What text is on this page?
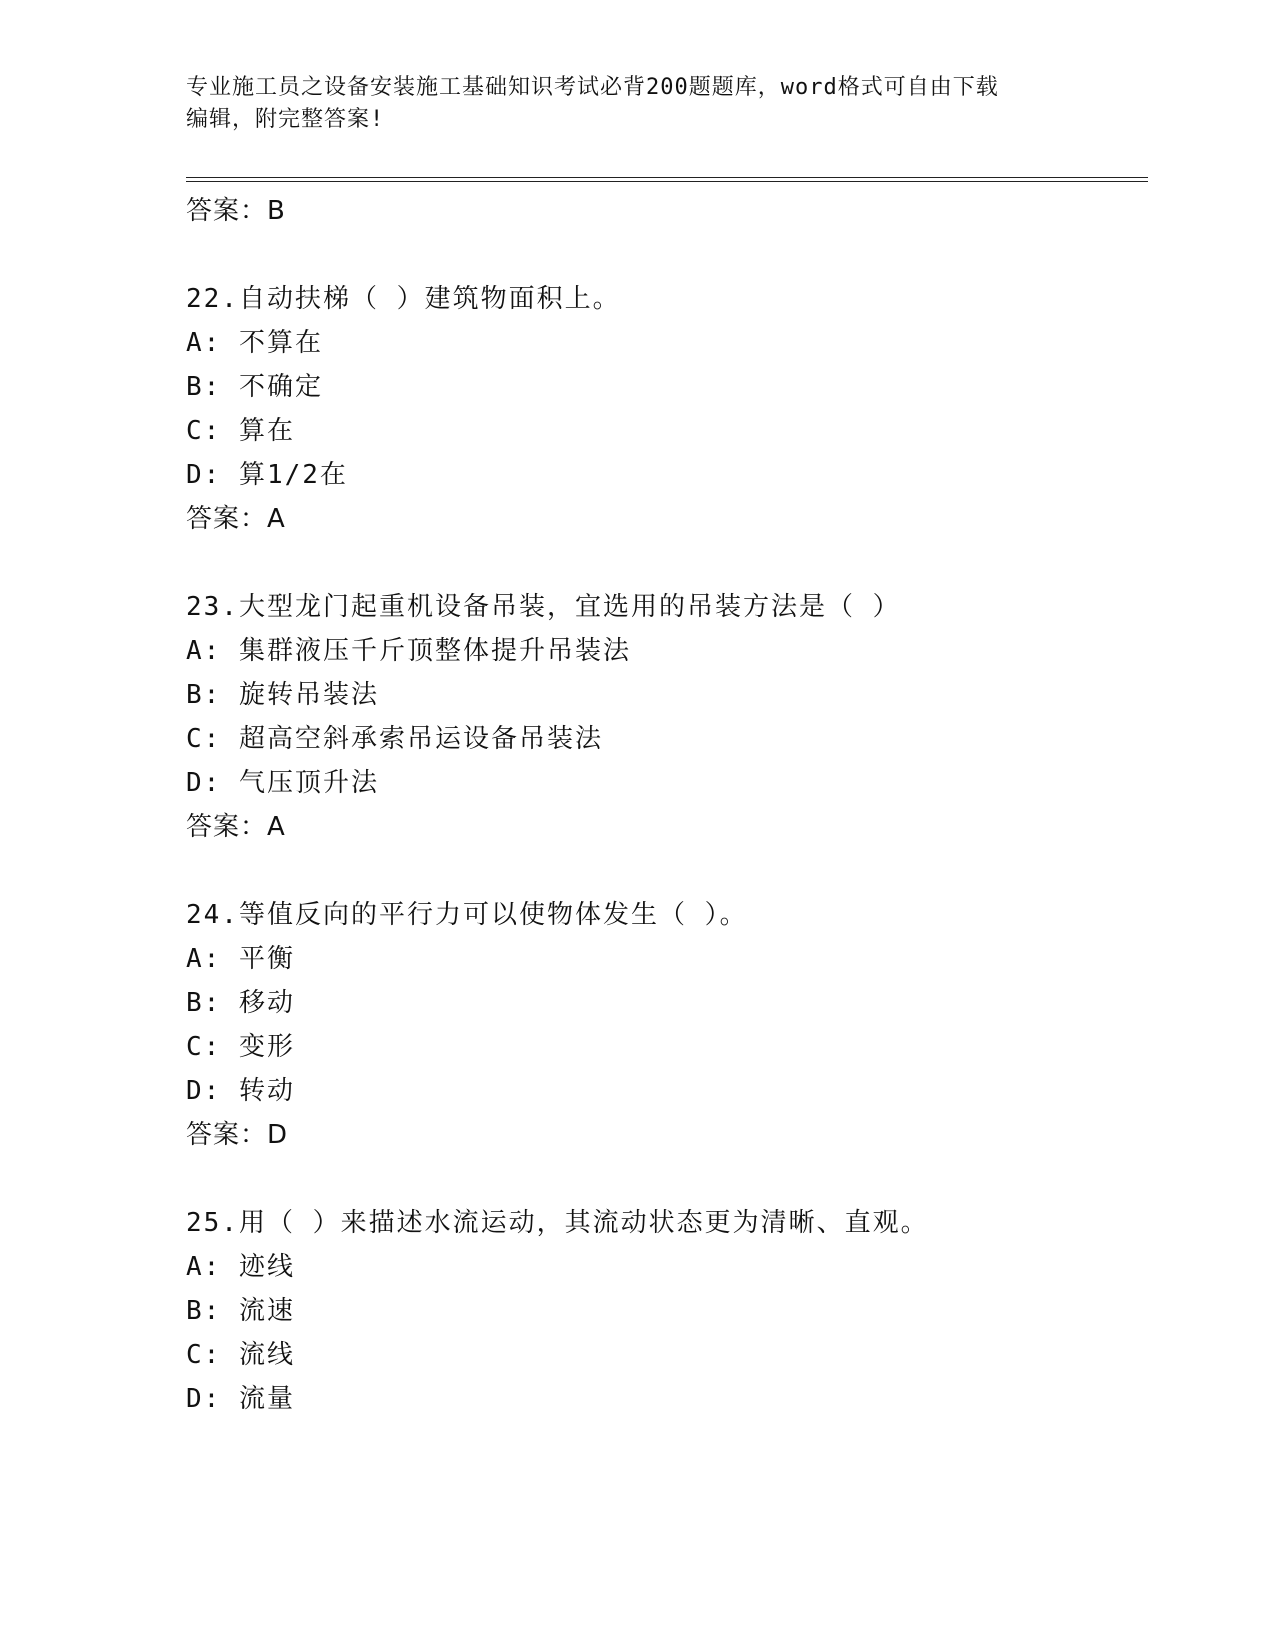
专业施工员之设备安装施工基础知识考试必背200题题库，word格式可自由下载
编辑，附完整答案!
答案：B
22.自动扶梯（ ）建筑物面积上。
A: 不算在
B: 不确定
C: 算在
D: 算1/2在
答案：A
23.大型龙门起重机设备吊装，宜选用的吊装方法是（ ）
A: 集群液压千斤顶整体提升吊装法
B: 旋转吊装法
C: 超高空斜承索吊运设备吊装法
D: 气压顶升法
答案：A
24.等值反向的平行力可以使物体发生（ ）。
A: 平衡
B: 移动
C: 变形
D: 转动
答案：D
25.用（ ）来描述水流运动，其流动状态更为清晰、直观。
A: 迹线
B: 流速
C: 流线
D: 流量
